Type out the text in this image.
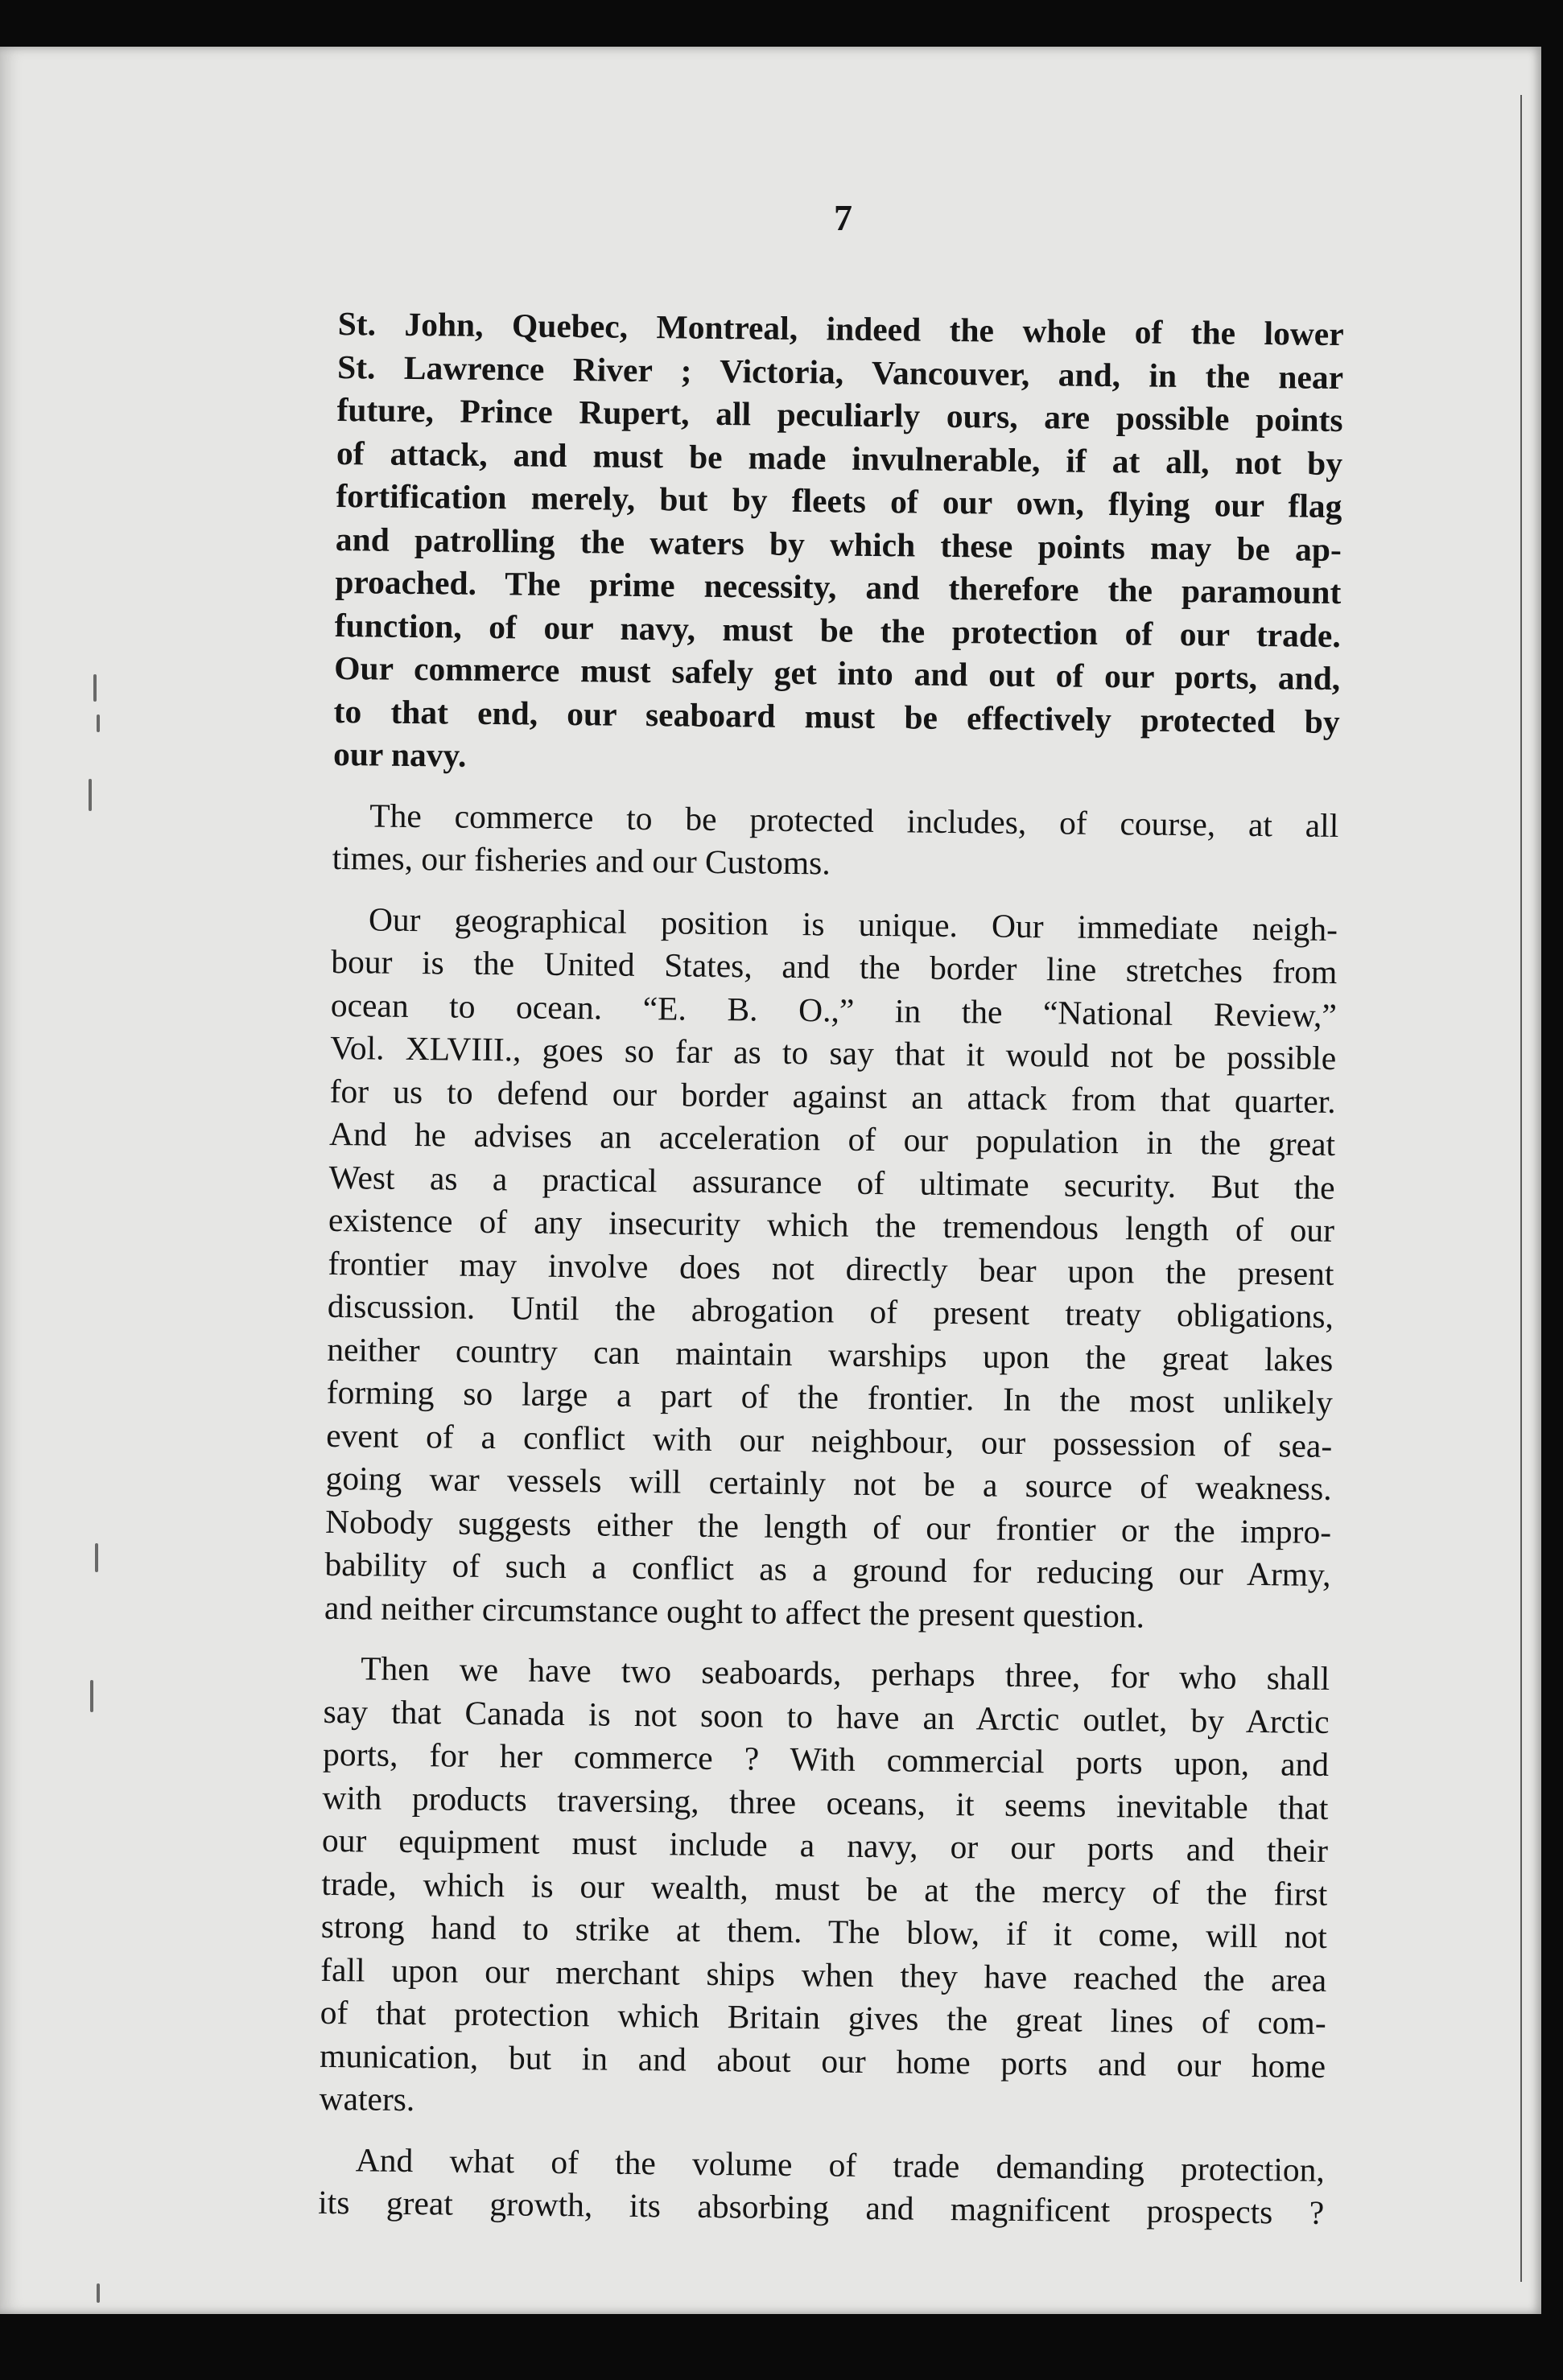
7
St. John, Quebec, Montreal, indeed the whole of the lower
St. Lawrence River ; Victoria, Vancouver, and, in the near
future, Prince Rupert, all peculiarly ours, are possible points
of attack, and must be made invulnerable, if at all, not by
fortification merely, but by fleets of our own, flying our flag
and patrolling the waters by which these points may be ap-
proached. The prime necessity, and therefore the paramount
function, of our navy, must be the protection of our trade.
Our commerce must safely get into and out of our ports, and,
to that end, our seaboard must be effectively protected by
our navy.
The commerce to be protected includes, of course, at all
times, our fisheries and our Customs.
Our geographical position is unique. Our immediate neigh-
bour is the United States, and the border line stretches from
ocean to ocean. “E. B. O.,” in the “National Review,”
Vol. XLVIII., goes so far as to say that it would not be possible
for us to defend our border against an attack from that quarter.
And he advises an acceleration of our population in the great
West as a practical assurance of ultimate security. But the
existence of any insecurity which the tremendous length of our
frontier may involve does not directly bear upon the present
discussion. Until the abrogation of present treaty obligations,
neither country can maintain warships upon the great lakes
forming so large a part of the frontier. In the most unlikely
event of a conflict with our neighbour, our possession of sea-
going war vessels will certainly not be a source of weakness.
Nobody suggests either the length of our frontier or the impro-
bability of such a conflict as a ground for reducing our Army,
and neither circumstance ought to affect the present question.
Then we have two seaboards, perhaps three, for who shall
say that Canada is not soon to have an Arctic outlet, by Arctic
ports, for her commerce ? With commercial ports upon, and
with products traversing, three oceans, it seems inevitable that
our equipment must include a navy, or our ports and their
trade, which is our wealth, must be at the mercy of the first
strong hand to strike at them. The blow, if it come, will not
fall upon our merchant ships when they have reached the area
of that protection which Britain gives the great lines of com-
munication, but in and about our home ports and our home
waters.
And what of the volume of trade demanding protection,
its great growth, its absorbing and magnificent prospects ?
